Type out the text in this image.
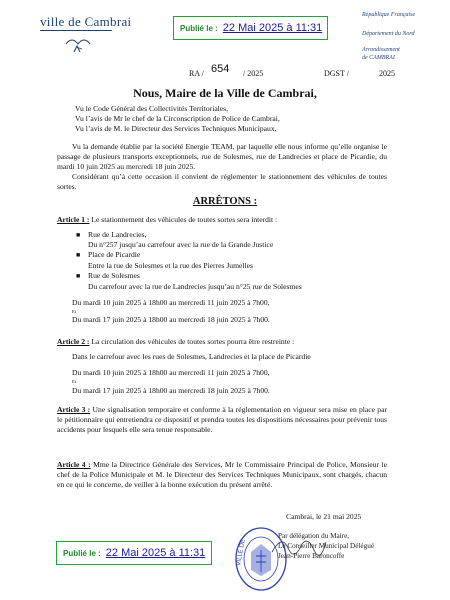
ville de Cambrai	Publié le : 22 Mai 2025 à 11:31
République Française
Département du Nord
Arrondissement
de CAMBRAI
RA / 654 / 2025	DGST /	2025
Nous, Maire de la Ville de Cambrai,
Vu le Code Général des Collectivités Territoriales,
Vu l’avis de Mr le chef de la Circonscription de Police de Cambrai,
Vu l’avis de M. le Directeur des Services Techniques Municipaux,
Vu la demande établie par la société Energie TEAM, par laquelle elle nous informe qu’elle organise le passage de plusieurs transports exceptionnels, rue de Solesmes, rue de Landrecies et place de Picardie, du mardi 10 juin 2025 au mercredi 18 juin 2025.
Considérant qu’à cette occasion il convient de réglementer le stationnement des véhicules de toutes sortes.
ARRÊTONS :
Article 1 : Le stationnement des véhicules de toutes sortes sera interdit :
■ Rue de Landrecies,
Du n°257 jusqu’au carrefour avec la rue de la Grande Justice
■ Place de Picardie
Entre la rue de Solesmes et la rue des Pierres Jumelles
■ Rue de Solesmes
Du carrefour avec la rue de Landrecies jusqu’au n°25 rue de Solesmes
Du mardi 10 juin 2025 à 18h00 au mercredi 11 juin 2025 à 7h00,
Et
Du mardi 17 juin 2025 à 18h00 au mercredi 18 juin 2025 à 7h00.
Article 2 : La circulation des véhicules de toutes sortes pourra être restreinte :
Dans le carrefour avec les rues de Solesmes, Landrecies et la place de Picardie
Du mardi 10 juin 2025 à 18h00 au mercredi 11 juin 2025 à 7h00,
Et
Du mardi 17 juin 2025 à 18h00 au mercredi 18 juin 2025 à 7h00.
Article 3 : Une signalisation temporaire et conforme à la réglementation en vigueur sera mise en place par le pétitionnaire qui entretiendra ce dispositif et prendra toutes les dispositions nécessaires pour prévenir tous accidents pour lesquels elle sera tenue responsable.
Article 4 : Mme la Directrice Générale des Services, Mr le Commissaire Principal de Police, Monsieur le chef de la Police Municipale et M. le Directeur des Services Techniques Municipaux, sont chargés, chacun en ce qui le concerne, de veiller à la bonne exécution du présent arrêté.
Cambrai, le 21 mai 2025
VILLE DE
Par délégation du Maire,
Le Conseiller Municipal Délégué
Jean-Pierre Baroncoffe
Publié le : 22 Mai 2025 à 11:31
